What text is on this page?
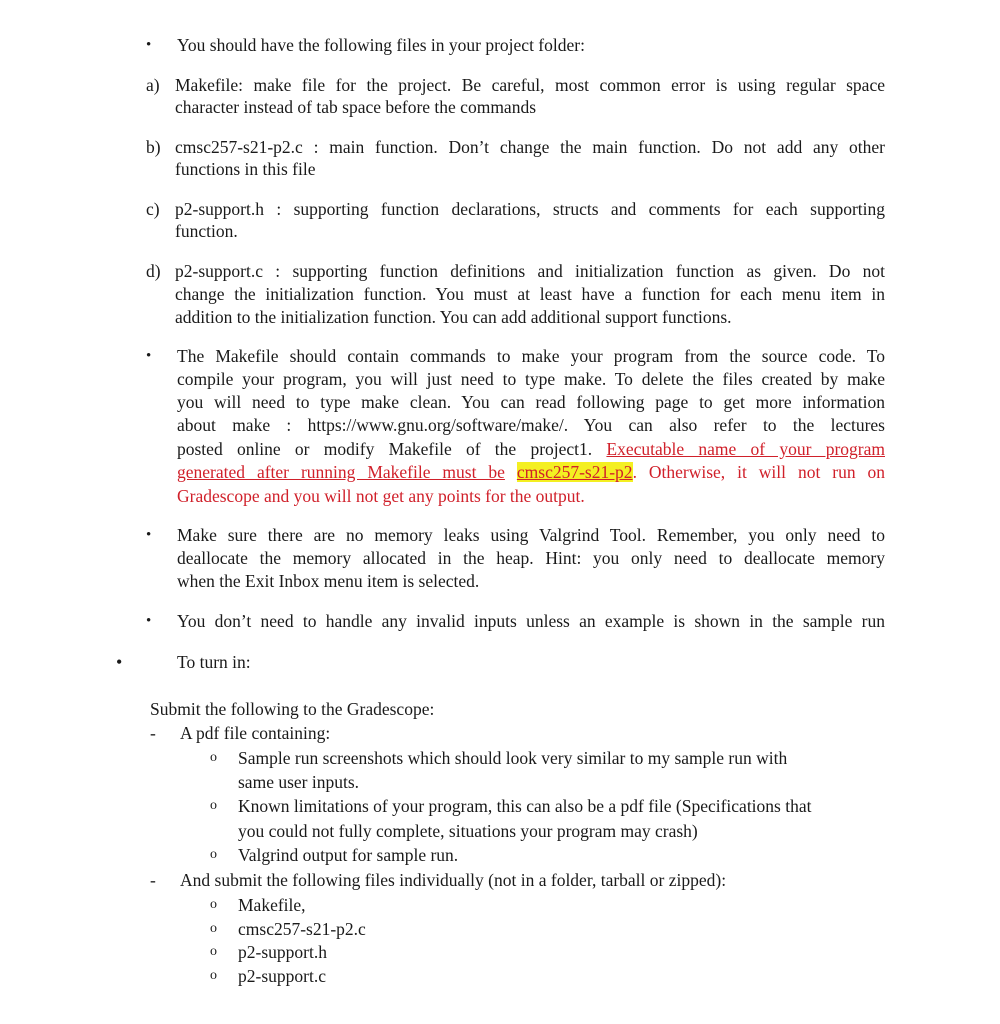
• You should have the following files in your project folder:
a) Makefile: make file for the project. Be careful, most common error is using regular space
character instead of tab space before the commands
b) cmsc257-s21-p2.c : main function. Don’t change the main function. Do not add any other
functions in this file
c) p2-support.h : supporting function declarations, structs and comments for each supporting
function.
d) p2-support.c : supporting function definitions and initialization function as given. Do not
change the initialization function. You must at least have a function for each menu item in
addition to the initialization function. You can add additional support functions.
• The Makefile should contain commands to make your program from the source code. To
compile your program, you will just need to type make. To delete the files created by make
you will need to type make clean. You can read following page to get more information
about make : https://www.gnu.org/software/make/. You can also refer to the lectures
posted online or modify Makefile of the project1. Executable name of your program
generated after running Makefile must be cmsc257-s21-p2. Otherwise, it will not run on
Gradescope and you will not get any points for the output.
• Make sure there are no memory leaks using Valgrind Tool. Remember, you only need to
deallocate the memory allocated in the heap. Hint: you only need to deallocate memory
when the Exit Inbox menu item is selected.
• You don’t need to handle any invalid inputs unless an example is shown in the sample run
•	To turn in:
Submit the following to the Gradescope:
- A pdf file containing:
o Sample run screenshots which should look very similar to my sample run with
same user inputs.
o Known limitations of your program, this can also be a pdf file (Specifications that
you could not fully complete, situations your program may crash)
o Valgrind output for sample run.
- And submit the following files individually (not in a folder, tarball or zipped):
o Makefile,
o cmsc257-s21-p2.c
o p2-support.h
o p2-support.c
